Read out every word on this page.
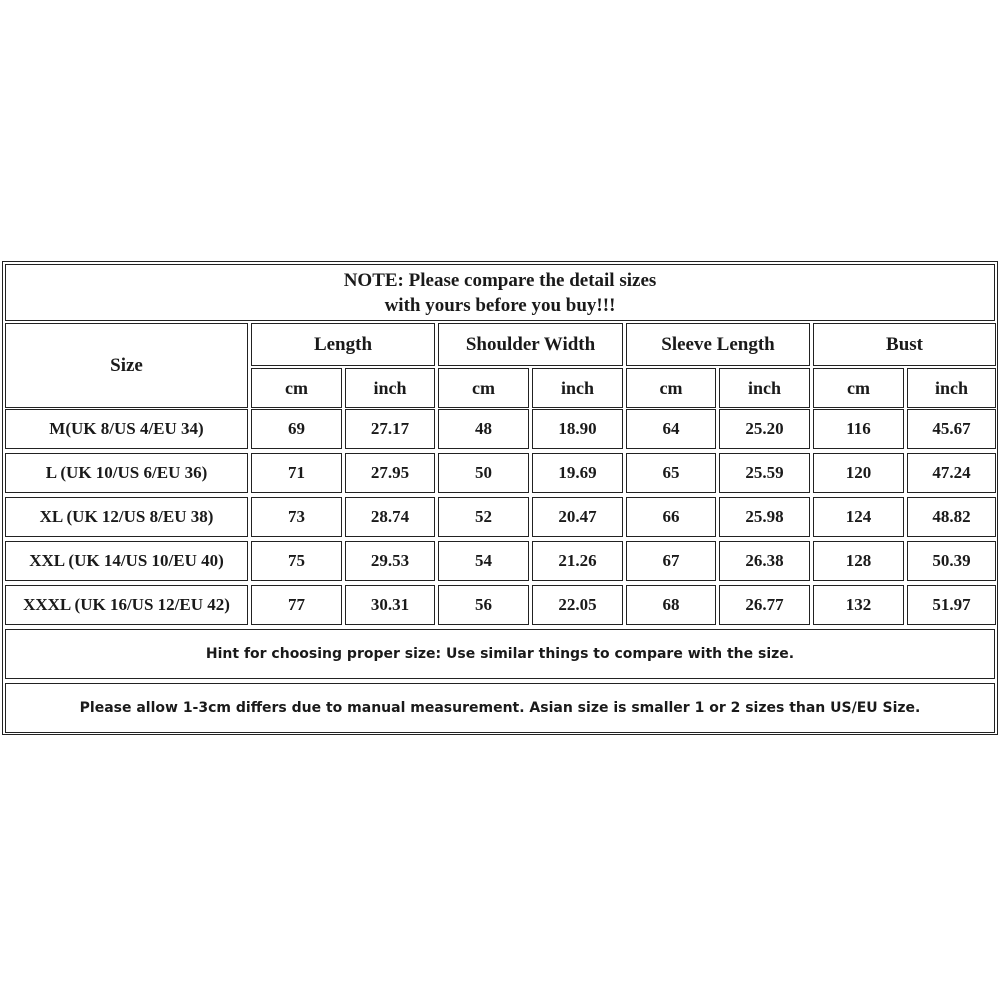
NOTE: Please compare the detail sizes
with yours before you buy!!!
Size
Length	Shoulder Width	Sleeve Length	Bust
cm	inch	cm	inch	cm	inch	cm	inch
M(UK 8/US 4/EU 34)	69	27.17	48	18.90	64	25.20	116	45.67
L (UK 10/US 6/EU 36)	71	27.95	50	19.69	65	25.59	120	47.24
XL (UK 12/US 8/EU 38)	73	28.74	52	20.47	66	25.98	124	48.82
XXL (UK 14/US 10/EU 40)	75	29.53	54	21.26	67	26.38	128	50.39
XXXL (UK 16/US 12/EU 42)	77	30.31	56	22.05	68	26.77	132	51.97
Hint for choosing proper size: Use similar things to compare with the size.
Please allow 1-3cm differs due to manual measurement. Asian size is smaller 1 or 2 sizes than US/EU Size.
